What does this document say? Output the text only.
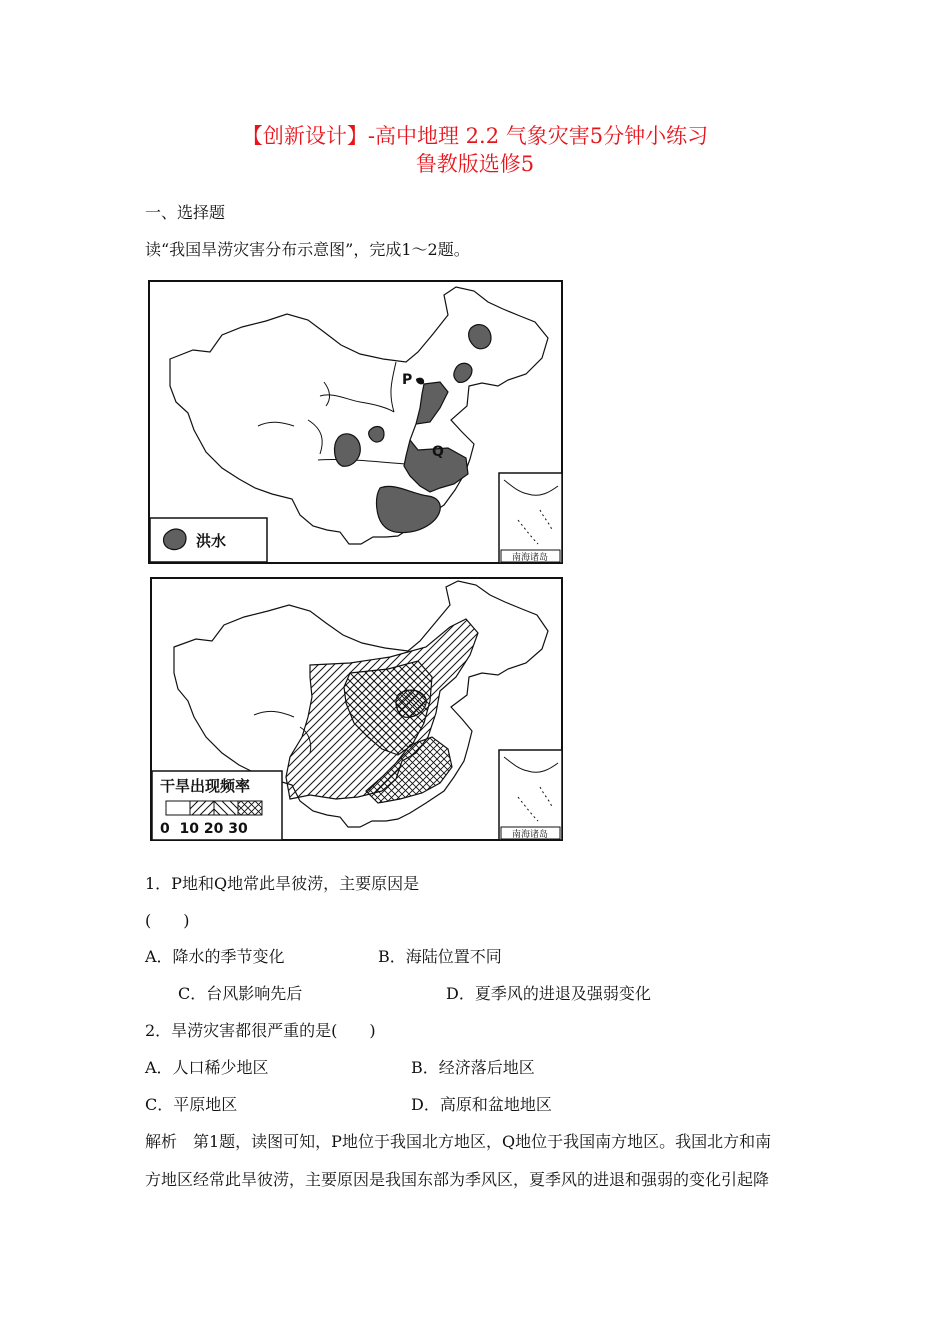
【创新设计】-高中地理 2.2 气象灾害5分钟小练习
鲁教版选修5
一、选择题
读“我国旱涝灾害分布示意图”，完成1～2题。
P
Q
洪水
南海诸岛
干旱出现频率
0  10 20 30	南海诸岛
1．P地和Q地常此旱彼涝，主要原因是
(　　)
A．降水的季节变化	B．海陆位置不同
C．台风影响先后	D．夏季风的进退及强弱变化
2．旱涝灾害都很严重的是(　　)
A．人口稀少地区	B．经济落后地区
C．平原地区	D．高原和盆地地区
解析　第1题，读图可知，P地位于我国北方地区，Q地位于我国南方地区。我国北方和南
方地区经常此旱彼涝，主要原因是我国东部为季风区，夏季风的进退和强弱的变化引起降
